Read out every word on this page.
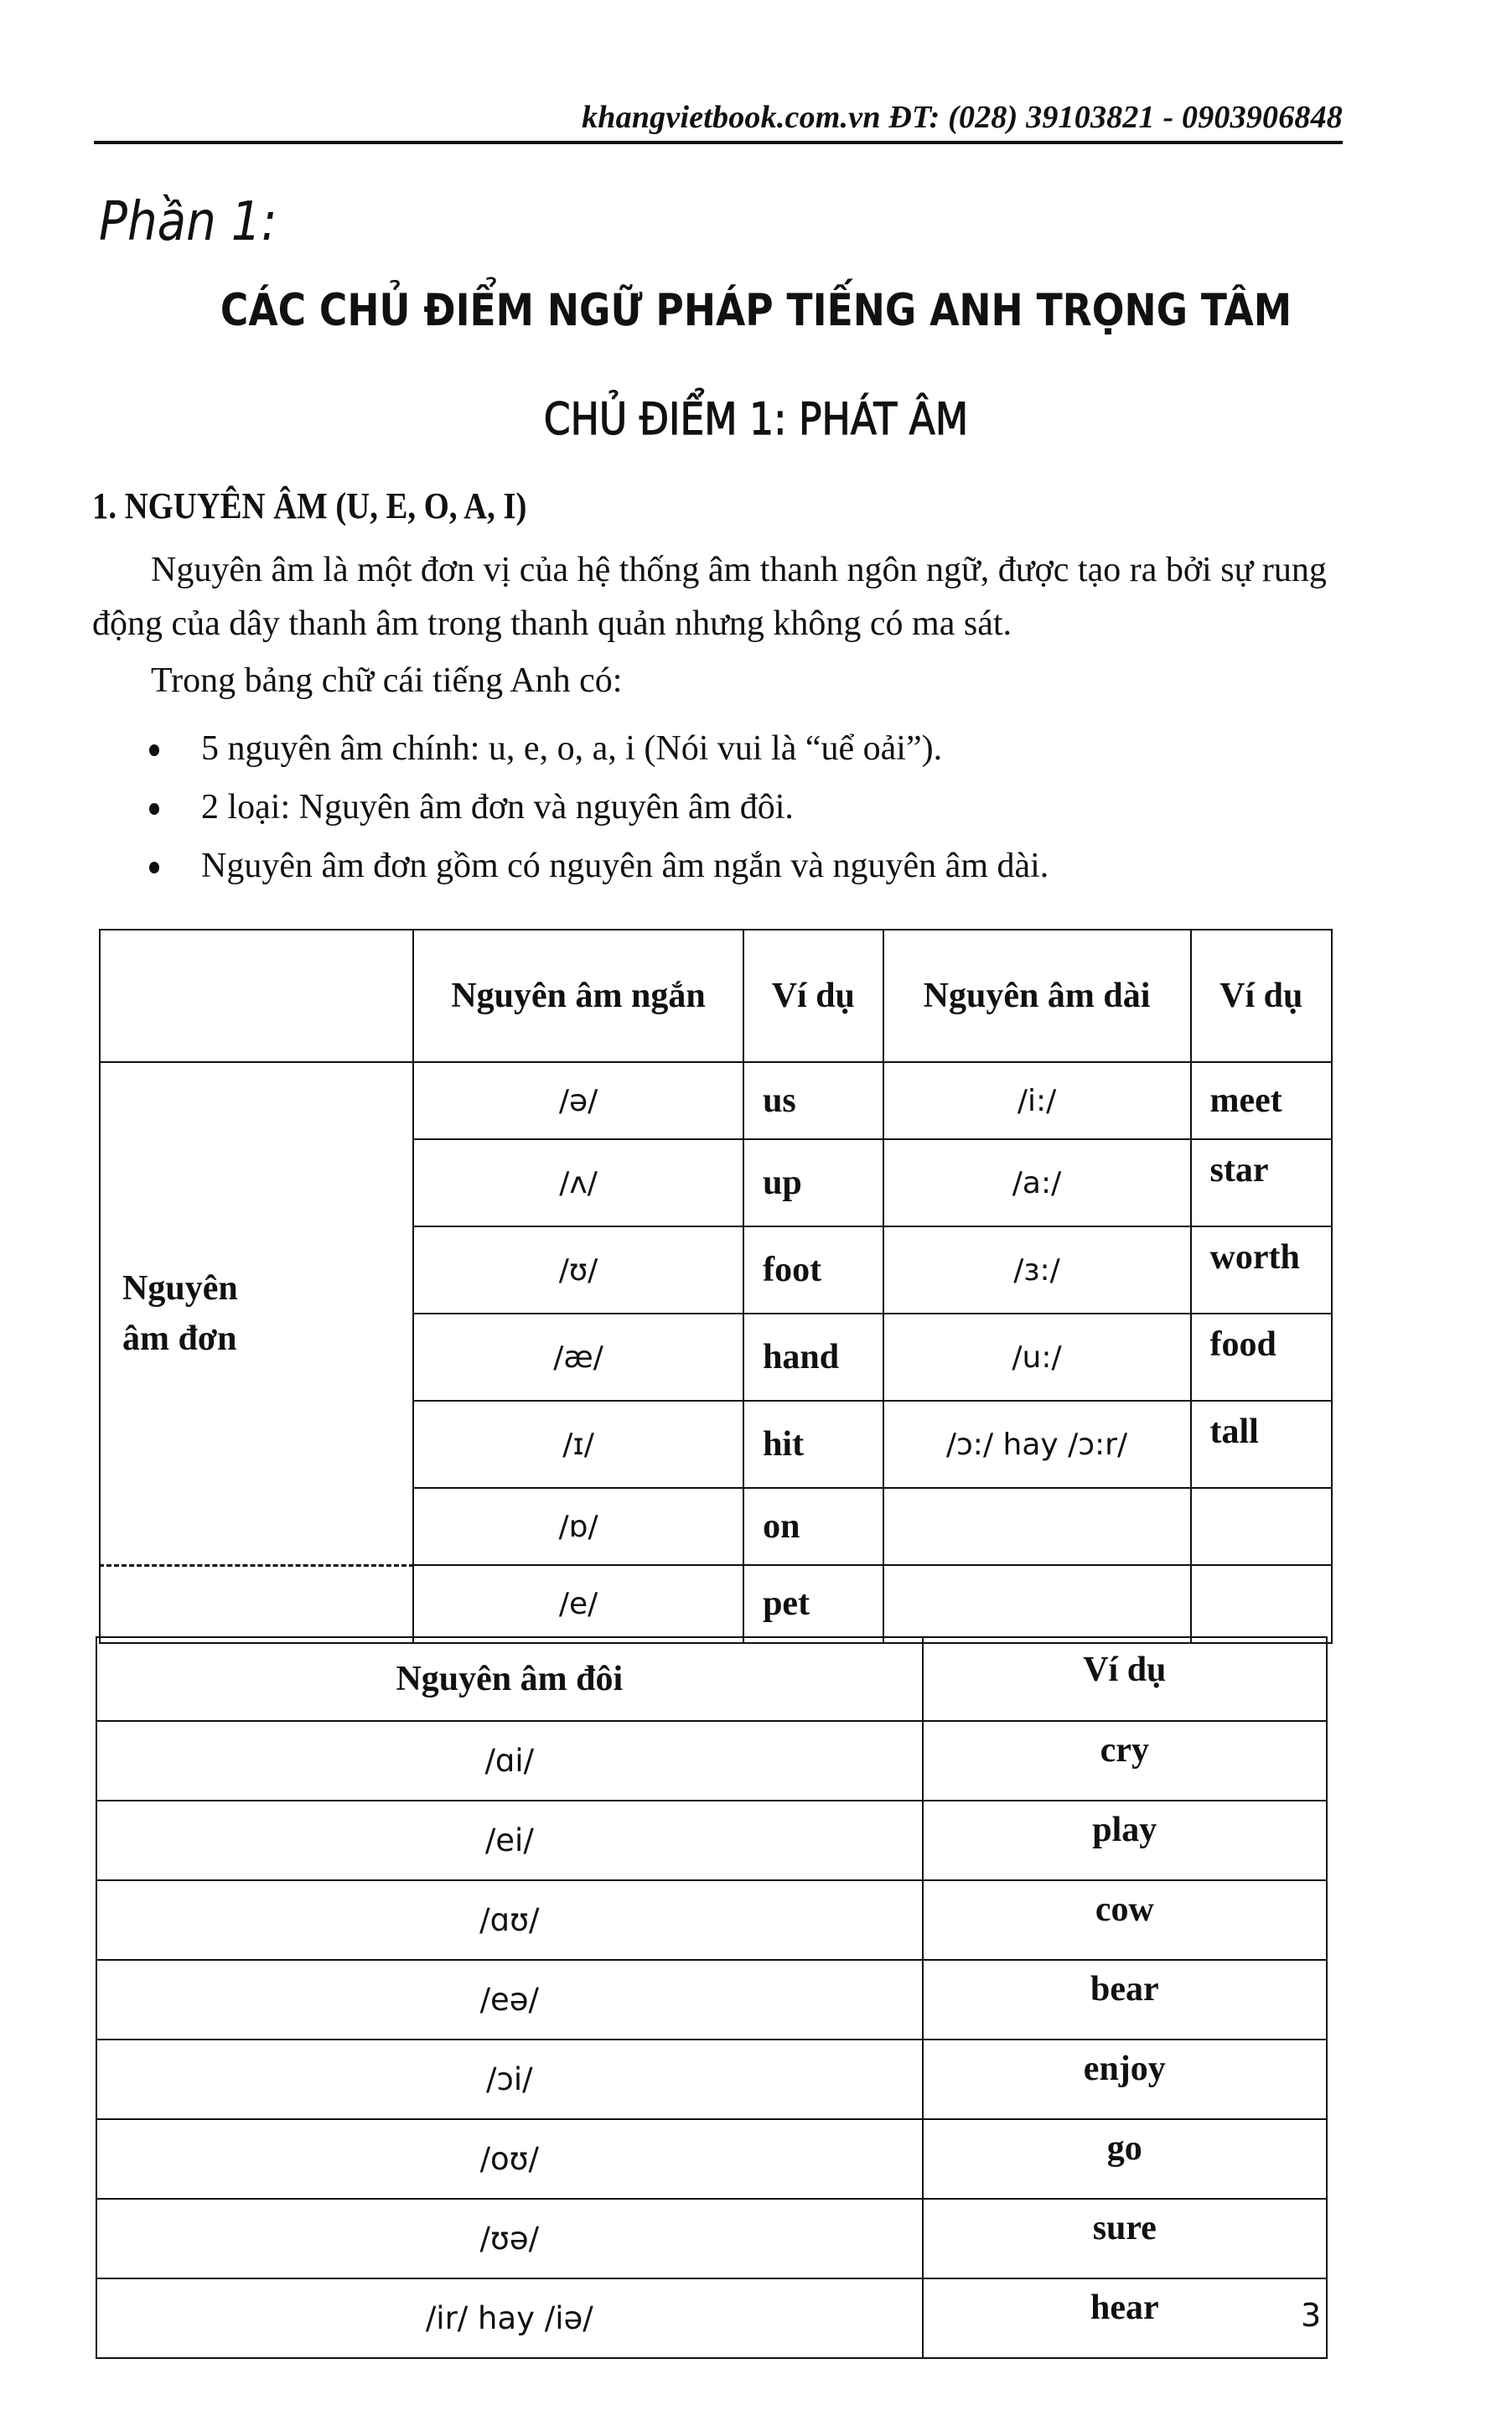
khangvietbook.com.vn ĐT: (028) 39103821 - 0903906848
Phần 1:
CÁC CHỦ ĐIỂM NGỮ PHÁP TIẾNG ANH TRỌNG TÂM
CHỦ ĐIỂM 1: PHÁT ÂM
1. NGUYÊN ÂM (U, E, O, A, I)
Nguyên âm là một đơn vị của hệ thống âm thanh ngôn ngữ, được tạo ra bởi sự rung động của dây thanh âm trong thanh quản nhưng không có ma sát.
Trong bảng chữ cái tiếng Anh có:
5 nguyên âm chính: u, e, o, a, i (Nói vui là “uể oải”).
2 loại: Nguyên âm đơn và nguyên âm đôi.
Nguyên âm đơn gồm có nguyên âm ngắn và nguyên âm dài.
	Nguyên âm ngắn	Ví dụ	Nguyên âm dài	Ví dụ
Nguyên âm đơn	/ə/	us	/i:/	meet
	/ʌ/	up	/a:/	star
	/ʊ/	foot	/ɜ:/	worth
	/æ/	hand	/u:/	food
	/ɪ/	hit	/ɔ:/ hay /ɔ:r/	tall
	/ɒ/	on		
	/e/	pet		
Nguyên âm đôi	Ví dụ
/ɑi/	cry
/ei/	play
/ɑʊ/	cow
/eə/	bear
/ɔi/	enjoy
/oʊ/	go
/ʊə/	sure
/ir/ hay /iə/	hear	3
